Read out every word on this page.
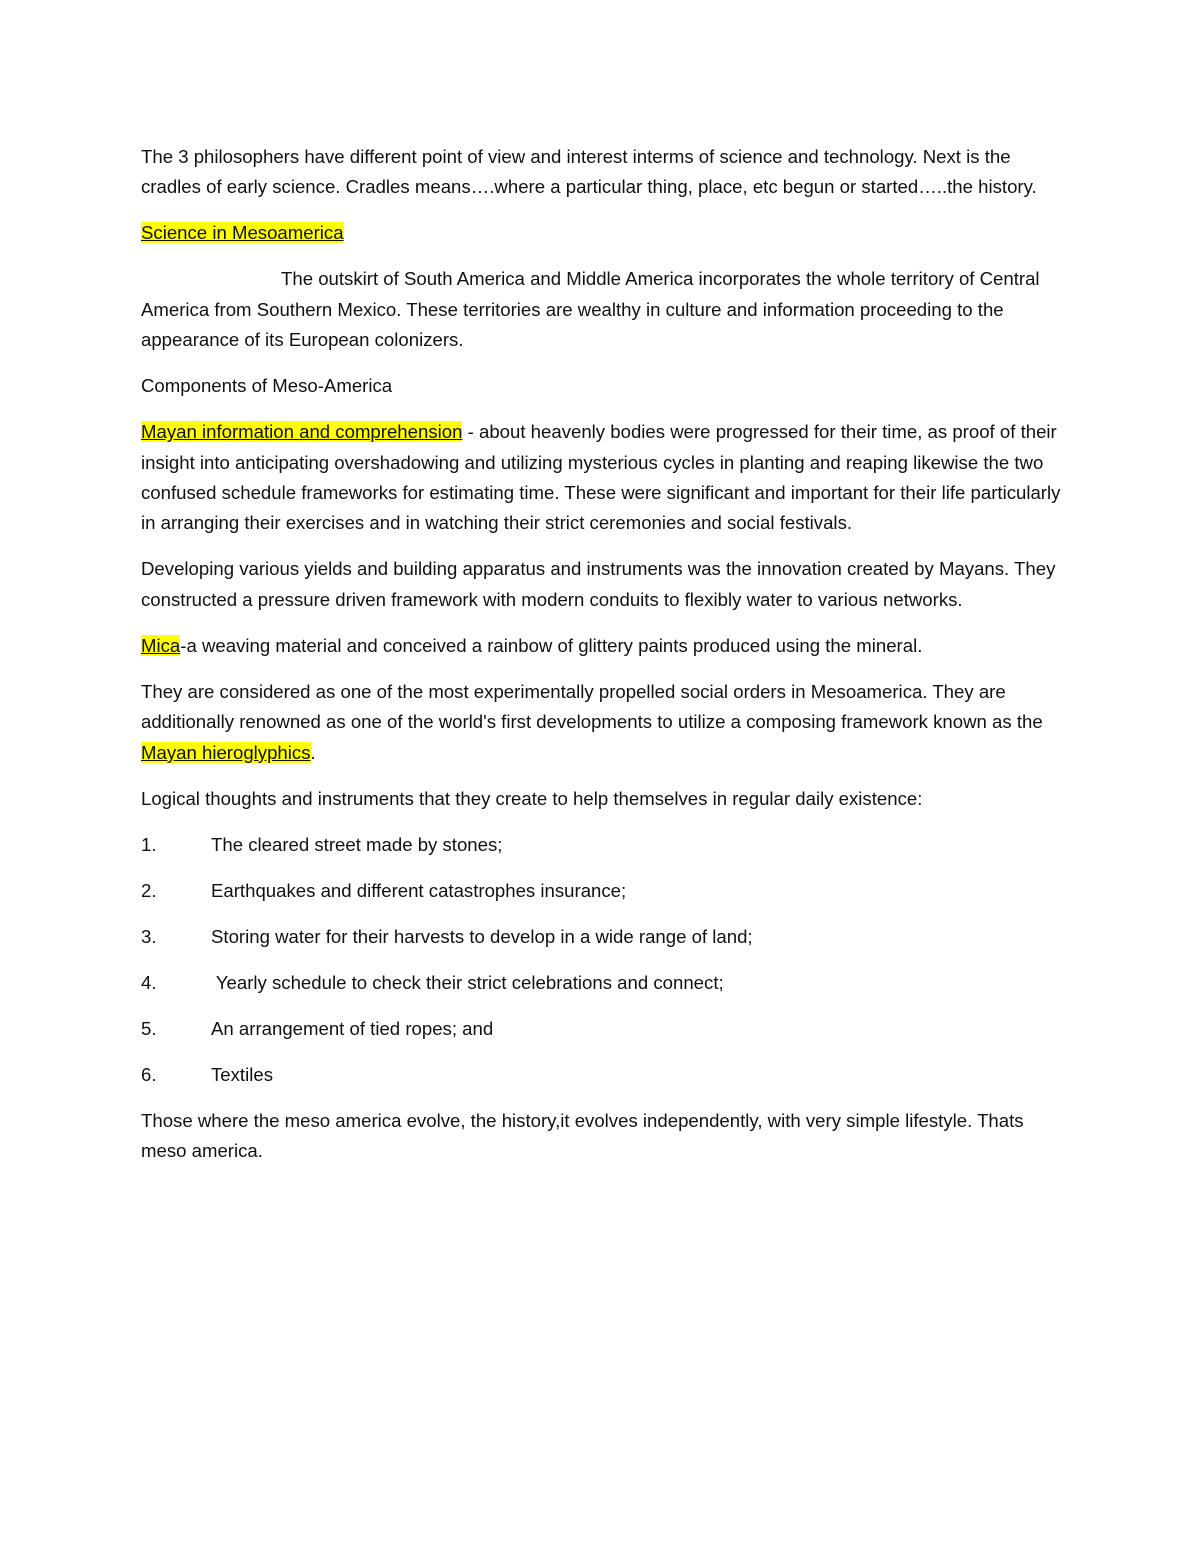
The 3 philosophers have different point of view and interest interms of science and technology. Next is the cradles of early science. Cradles means….where a particular thing, place, etc begun or started…..the history.

Science in Mesoamerica

The outskirt of South America and Middle America incorporates the whole territory of Central America from Southern Mexico. These territories are wealthy in culture and information proceeding to the appearance of its European colonizers.

Components of Meso-America

Mayan information and comprehension - about heavenly bodies were progressed for their time, as proof of their insight into anticipating overshadowing and utilizing mysterious cycles in planting and reaping likewise the two confused schedule frameworks for estimating time. These were significant and important for their life particularly in arranging their exercises and in watching their strict ceremonies and social festivals.

Developing various yields and building apparatus and instruments was the innovation created by Mayans. They constructed a pressure driven framework with modern conduits to flexibly water to various networks.

Mica-a weaving material and conceived a rainbow of glittery paints produced using the mineral.

They are considered as one of the most experimentally propelled social orders in Mesoamerica. They are additionally renowned as one of the world's first developments to utilize a composing framework known as the Mayan hieroglyphics.

Logical thoughts and instruments that they create to help themselves in regular daily existence:

1.	The cleared street made by stones;
2.	Earthquakes and different catastrophes insurance;
3.	Storing water for their harvests to develop in a wide range of land;
4.	Yearly schedule to check their strict celebrations and connect;
5.	An arrangement of tied ropes; and
6.	Textiles

Those where the meso america evolve, the history,it evolves independently, with very simple lifestyle. Thats meso america.
